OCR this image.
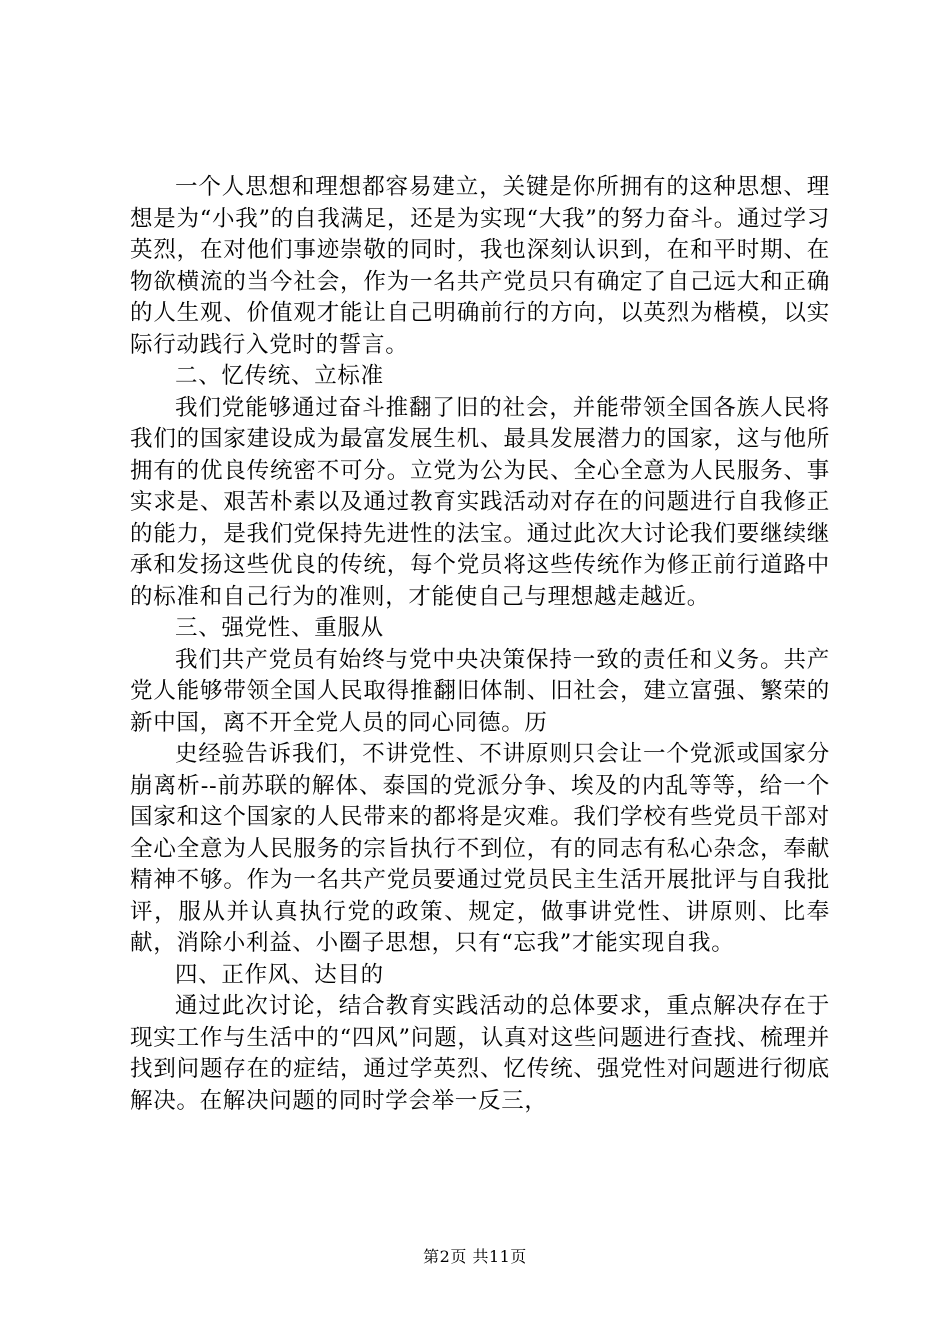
一个人思想和理想都容易建立，关键是你所拥有的这种思想、理想是为“小我”的自我满足，还是为实现“大我”的努力奋斗。通过学习英烈，在对他们事迹崇敬的同时，我也深刻认识到，在和平时期、在物欲横流的当今社会，作为一名共产党员只有确定了自己远大和正确的人生观、价值观才能让自己明确前行的方向，以英烈为楷模，以实际行动践行入党时的誓言。

二、忆传统、立标准

我们党能够通过奋斗推翻了旧的社会，并能带领全国各族人民将我们的国家建设成为最富发展生机、最具发展潜力的国家，这与他所拥有的优良传统密不可分。立党为公为民、全心全意为人民服务、事实求是、艰苦朴素以及通过教育实践活动对存在的问题进行自我修正的能力，是我们党保持先进性的法宝。通过此次大讨论我们要继续继承和发扬这些优良的传统，每个党员将这些传统作为修正前行道路中的标准和自己行为的准则，才能使自己与理想越走越近。

三、强党性、重服从

我们共产党员有始终与党中央决策保持一致的责任和义务。共产党人能够带领全国人民取得推翻旧体制、旧社会，建立富强、繁荣的新中国，离不开全党人员的同心同德。历

史经验告诉我们，不讲党性、不讲原则只会让一个党派或国家分崩离析--前苏联的解体、泰国的党派分争、埃及的内乱等等，给一个国家和这个国家的人民带来的都将是灾难。我们学校有些党员干部对全心全意为人民服务的宗旨执行不到位，有的同志有私心杂念，奉献精神不够。作为一名共产党员要通过党员民主生活开展批评与自我批评，服从并认真执行党的政策、规定，做事讲党性、讲原则、比奉献，消除小利益、小圈子思想，只有“忘我”才能实现自我。

四、正作风、达目的

通过此次讨论，结合教育实践活动的总体要求，重点解决存在于现实工作与生活中的“四风”问题，认真对这些问题进行查找、梳理并找到问题存在的症结，通过学英烈、忆传统、强党性对问题进行彻底解决。在解决问题的同时学会举一反三，

第2页 共11页
